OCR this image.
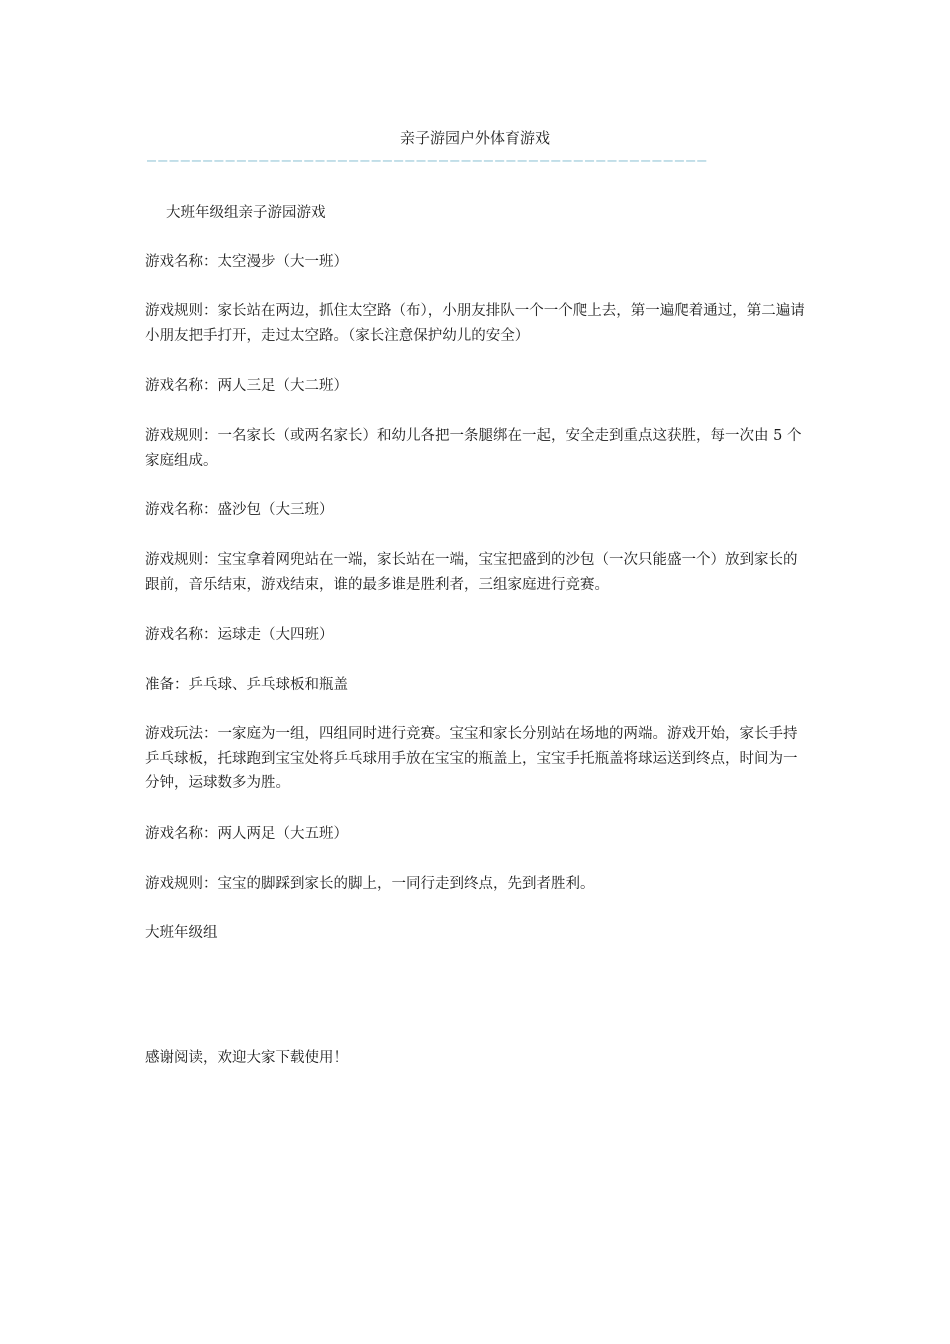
亲子游园户外体育游戏
——————————————————————————————————————————————————

大班年级组亲子游园游戏

游戏名称：太空漫步（大一班）

游戏规则：家长站在两边，抓住太空路（布），小朋友排队一个一个爬上去，第一遍爬着通过，第二遍请小朋友把手打开，走过太空路。（家长注意保护幼儿的安全）

游戏名称：两人三足（大二班）

游戏规则：一名家长（或两名家长）和幼儿各把一条腿绑在一起，安全走到重点这获胜，每一次由 5 个家庭组成。

游戏名称：盛沙包（大三班）

游戏规则：宝宝拿着网兜站在一端，家长站在一端，宝宝把盛到的沙包（一次只能盛一个）放到家长的跟前，音乐结束，游戏结束，谁的最多谁是胜利者，三组家庭进行竞赛。

游戏名称：运球走（大四班）

准备：乒乓球、乒乓球板和瓶盖

游戏玩法：一家庭为一组，四组同时进行竞赛。宝宝和家长分别站在场地的两端。游戏开始，家长手持乒乓球板，托球跑到宝宝处将乒乓球用手放在宝宝的瓶盖上，宝宝手托瓶盖将球运送到终点，时间为一分钟，运球数多为胜。

游戏名称：两人两足（大五班）

游戏规则：宝宝的脚踩到家长的脚上，一同行走到终点，先到者胜利。

大班年级组

感谢阅读，欢迎大家下载使用！
